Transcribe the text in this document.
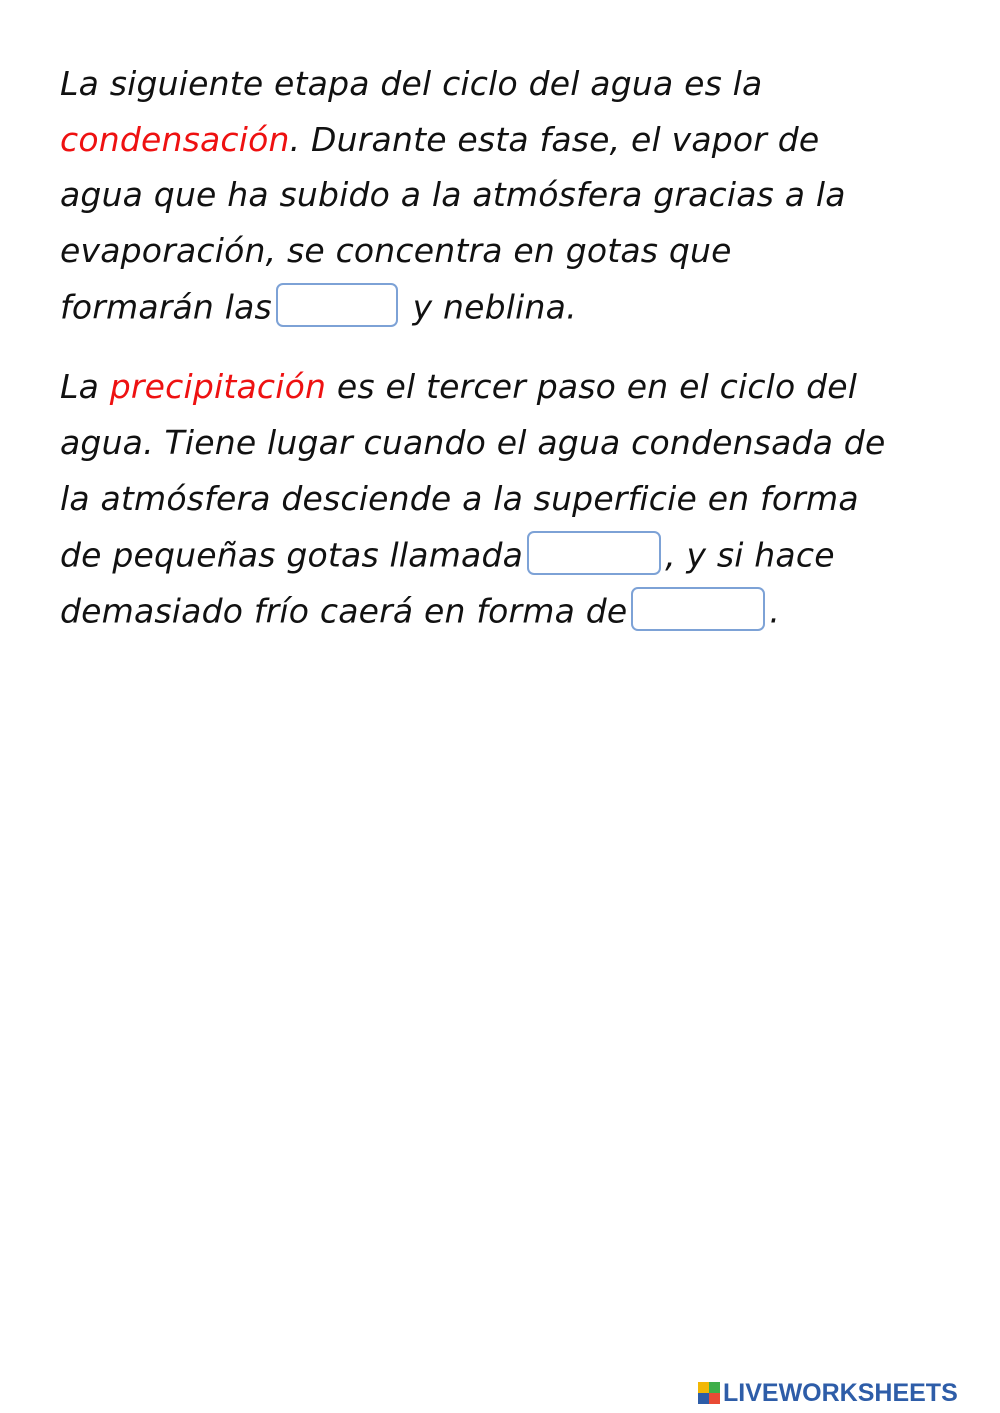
La siguiente etapa del ciclo del agua es la
condensación. Durante esta fase, el vapor de
agua que ha subido a la atmósfera gracias a la
evaporación, se concentra en gotas que
formarán las	y neblina.
La precipitación es el tercer paso en el ciclo del
agua. Tiene lugar cuando el agua condensada de
la atmósfera desciende a la superficie en forma
de pequeñas gotas llamada	, y si hace
demasiado frío caerá en forma de	.
LIVEWORKSHEETS
